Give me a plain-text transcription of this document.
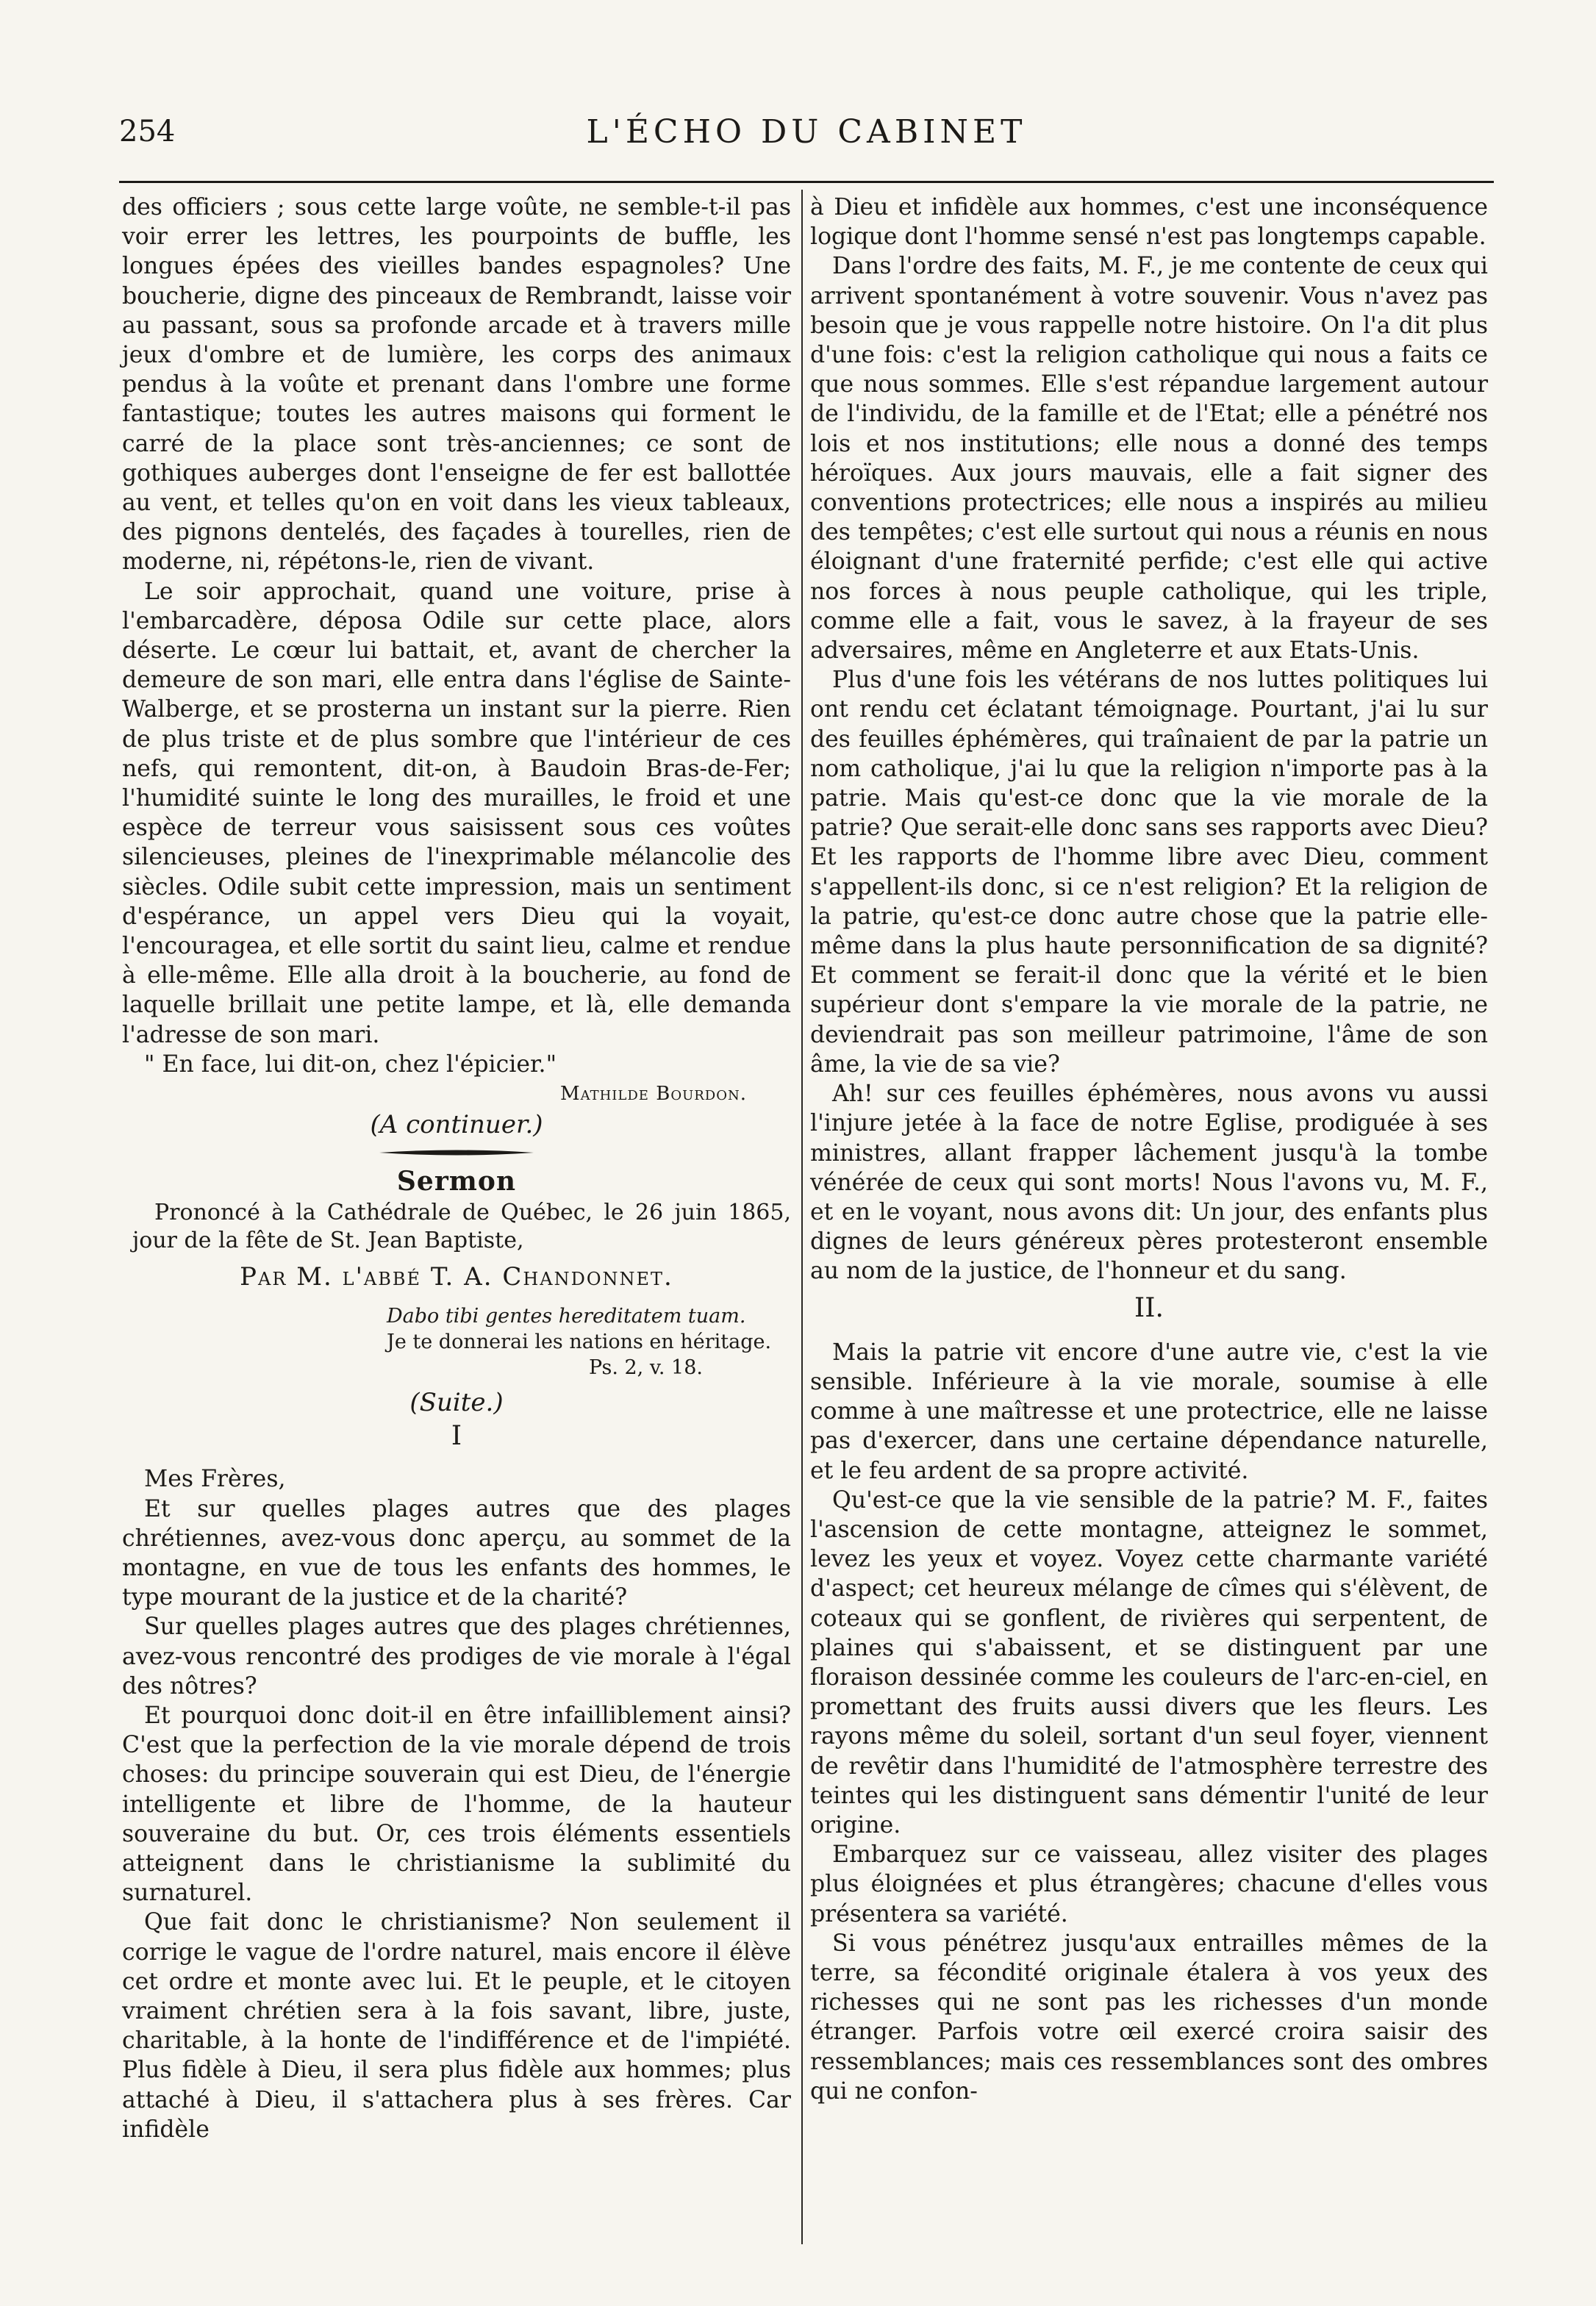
254	L'ÉCHO DU CABINET

des officiers ; sous cette large voûte, ne semble-t-il pas voir errer les lettres, les pourpoints de buffle, les longues épées des vieilles bandes espagnoles? Une boucherie, digne des pinceaux de Rembrandt, laisse voir au passant, sous sa profonde arcade et à travers mille jeux d'ombre et de lumière, les corps des animaux pendus à la voûte et prenant dans l'ombre une forme fantastique; toutes les autres maisons qui forment le carré de la place sont très-anciennes; ce sont de gothiques auberges dont l'enseigne de fer est ballottée au vent, et telles qu'on en voit dans les vieux tableaux, des pignons dentelés, des façades à tourelles, rien de moderne, ni, répétons-le, rien de vivant.

Le soir approchait, quand une voiture, prise à l'embarcadère, déposa Odile sur cette place, alors déserte. Le cœur lui battait, et, avant de chercher la demeure de son mari, elle entra dans l'église de Sainte-Walberge, et se prosterna un instant sur la pierre. Rien de plus triste et de plus sombre que l'intérieur de ces nefs, qui remontent, dit-on, à Baudoin Bras-de-Fer; l'humidité suinte le long des murailles, le froid et une espèce de terreur vous saisissent sous ces voûtes silencieuses, pleines de l'inexprimable mélancolie des siècles. Odile subit cette impression, mais un sentiment d'espérance, un appel vers Dieu qui la voyait, l'encouragea, et elle sortit du saint lieu, calme et rendue à elle-même. Elle alla droit à la boucherie, au fond de laquelle brillait une petite lampe, et là, elle demanda l'adresse de son mari.

" En face, lui dit-on, chez l'épicier."

Mathilde Bourdon.
(A continuer.)
Sermon

Prononcé à la Cathédrale de Québec, le 26 juin 1865, jour de la fête de St. Jean Baptiste,

Par M. l'abbé T. A. Chandonnet.
Dabo tibi gentes hereditatem tuam.
Je te donnerai les nations en héritage.
Ps. 2, v. 18.
(Suite.)
I

Mes Frères,

Et sur quelles plages autres que des plages chrétiennes, avez-vous donc aperçu, au sommet de la montagne, en vue de tous les enfants des hommes, le type mourant de la justice et de la charité?

Sur quelles plages autres que des plages chrétiennes, avez-vous rencontré des prodiges de vie morale à l'égal des nôtres?

Et pourquoi donc doit-il en être infailliblement ainsi? C'est que la perfection de la vie morale dépend de trois choses: du principe souverain qui est Dieu, de l'énergie intelligente et libre de l'homme, de la hauteur souveraine du but. Or, ces trois éléments essentiels atteignent dans le christianisme la sublimité du surnaturel.

Que fait donc le christianisme? Non seulement il corrige le vague de l'ordre naturel, mais encore il élève cet ordre et monte avec lui. Et le peuple, et le citoyen vraiment chrétien sera à la fois savant, libre, juste, charitable, à la honte de l'indifférence et de l'impiété. Plus fidèle à Dieu, il sera plus fidèle aux hommes; plus attaché à Dieu, il s'attachera plus à ses frères. Car infidèle

à Dieu et infidèle aux hommes, c'est une inconséquence logique dont l'homme sensé n'est pas longtemps capable.

Dans l'ordre des faits, M. F., je me contente de ceux qui arrivent spontanément à votre souvenir. Vous n'avez pas besoin que je vous rappelle notre histoire. On l'a dit plus d'une fois: c'est la religion catholique qui nous a faits ce que nous sommes. Elle s'est répandue largement autour de l'individu, de la famille et de l'Etat; elle a pénétré nos lois et nos institutions; elle nous a donné des temps héroïques. Aux jours mauvais, elle a fait signer des conventions protectrices; elle nous a inspirés au milieu des tempêtes; c'est elle surtout qui nous a réunis en nous éloignant d'une fraternité perfide; c'est elle qui active nos forces à nous peuple catholique, qui les triple, comme elle a fait, vous le savez, à la frayeur de ses adversaires, même en Angleterre et aux Etats-Unis.

Plus d'une fois les vétérans de nos luttes politiques lui ont rendu cet éclatant témoignage. Pourtant, j'ai lu sur des feuilles éphémères, qui traînaient de par la patrie un nom catholique, j'ai lu que la religion n'importe pas à la patrie. Mais qu'est-ce donc que la vie morale de la patrie? Que serait-elle donc sans ses rapports avec Dieu? Et les rapports de l'homme libre avec Dieu, comment s'appellent-ils donc, si ce n'est religion? Et la religion de la patrie, qu'est-ce donc autre chose que la patrie elle-même dans la plus haute personnification de sa dignité? Et comment se ferait-il donc que la vérité et le bien supérieur dont s'empare la vie morale de la patrie, ne deviendrait pas son meilleur patrimoine, l'âme de son âme, la vie de sa vie?

Ah! sur ces feuilles éphémères, nous avons vu aussi l'injure jetée à la face de notre Eglise, prodiguée à ses ministres, allant frapper lâchement jusqu'à la tombe vénérée de ceux qui sont morts! Nous l'avons vu, M. F., et en le voyant, nous avons dit: Un jour, des enfants plus dignes de leurs généreux pères protesteront ensemble au nom de la justice, de l'honneur et du sang.

II.

Mais la patrie vit encore d'une autre vie, c'est la vie sensible. Inférieure à la vie morale, soumise à elle comme à une maîtresse et une protectrice, elle ne laisse pas d'exercer, dans une certaine dépendance naturelle, et le feu ardent de sa propre activité.

Qu'est-ce que la vie sensible de la patrie? M. F., faites l'ascension de cette montagne, atteignez le sommet, levez les yeux et voyez. Voyez cette charmante variété d'aspect; cet heureux mélange de cîmes qui s'élèvent, de coteaux qui se gonflent, de rivières qui serpentent, de plaines qui s'abaissent, et se distinguent par une floraison dessinée comme les couleurs de l'arc-en-ciel, en promettant des fruits aussi divers que les fleurs. Les rayons même du soleil, sortant d'un seul foyer, viennent de revêtir dans l'humidité de l'atmosphère terrestre des teintes qui les distinguent sans démentir l'unité de leur origine.

Embarquez sur ce vaisseau, allez visiter des plages plus éloignées et plus étrangères; chacune d'elles vous présentera sa variété.

Si vous pénétrez jusqu'aux entrailles mêmes de la terre, sa fécondité originale étalera à vos yeux des richesses qui ne sont pas les richesses d'un monde étranger. Parfois votre œil exercé croira saisir des ressemblances; mais ces ressemblances sont des ombres qui ne confon-
